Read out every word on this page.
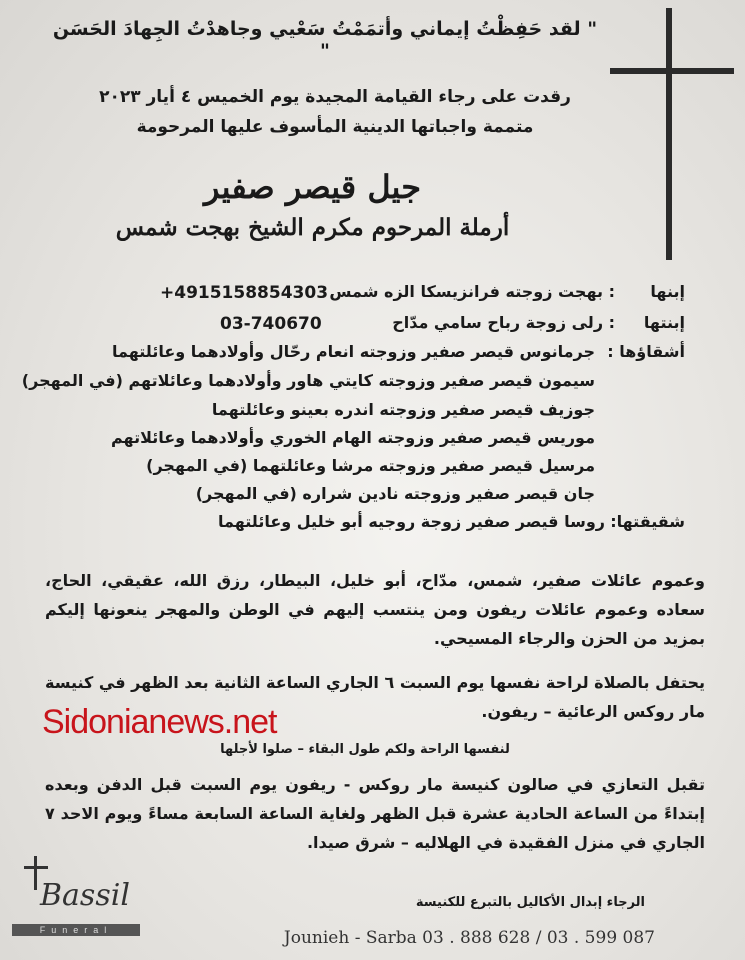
" لقد حَفِظْتُ إيماني وأتمَمْتُ سَعْيي وجاهدْتُ الجِهادَ الحَسَن "
رقدت على رجاء القيامة المجيدة يوم الخميس ٤ أيار ٢٠٢٣
متممة واجباتها الدينية المأسوف عليها المرحومة
جيل قيصر صفير
أرملة المرحوم مكرم الشيخ بهجت شمس
إبنها: بهجت زوجته فرانزيسكا الزه شمس
+4915158854303
إبنتها: رلى زوجة رباح سامي مدّاح
03-740670
أشقاؤها :
جرمانوس قيصر صفير وزوجته انعام رحّال وأولادهما وعائلتهما
سيمون قيصر صفير وزوجته كايتي هاور وأولادهما وعائلاتهم (في المهجر)
جوزيف قيصر صفير وزوجته اندره بعينو وعائلتهما
موريس قيصر صفير وزوجته الهام الخوري وأولادهما وعائلاتهم
مرسيل قيصر صفير وزوجته مرشا وعائلتهما (في المهجر)
جان قيصر صفير وزوجته نادين شراره (في المهجر)
شقيقتها:
روسا قيصر صفير زوجة روجيه أبو خليل وعائلتهما
وعموم عائلات صفير، شمس، مدّاح، أبو خليل، البيطار، رزق الله، عقيقي، الحاج، سعاده وعموم عائلات ريفون ومن ينتسب إليهم في الوطن والمهجر ينعونها إليكم بمزيد من الحزن والرجاء المسيحي.
يحتفل بالصلاة لراحة نفسها يوم السبت ٦ الجاري الساعة الثانية بعد الظهر في كنيسة مار روكس الرعائية – ريفون.
Sidonianews.net
لنفسها الراحة ولكم طول البقاء – صلوا لأجلها
تقبل التعازي في صالون كنيسة مار روكس - ريفون يوم السبت قبل الدفن وبعده إبتداءً من الساعة الحادية عشرة قبل الظهر ولغاية الساعة السابعة مساءً ويوم الاحد ٧ الجاري في منزل الفقيدة في الهلاليه – شرق صيدا.
Bassil
Funeral
الرجاء إبدال الأكاليل بالتبرع للكنيسة
Jounieh - Sarba 03 . 888 628 / 03 . 599 087
